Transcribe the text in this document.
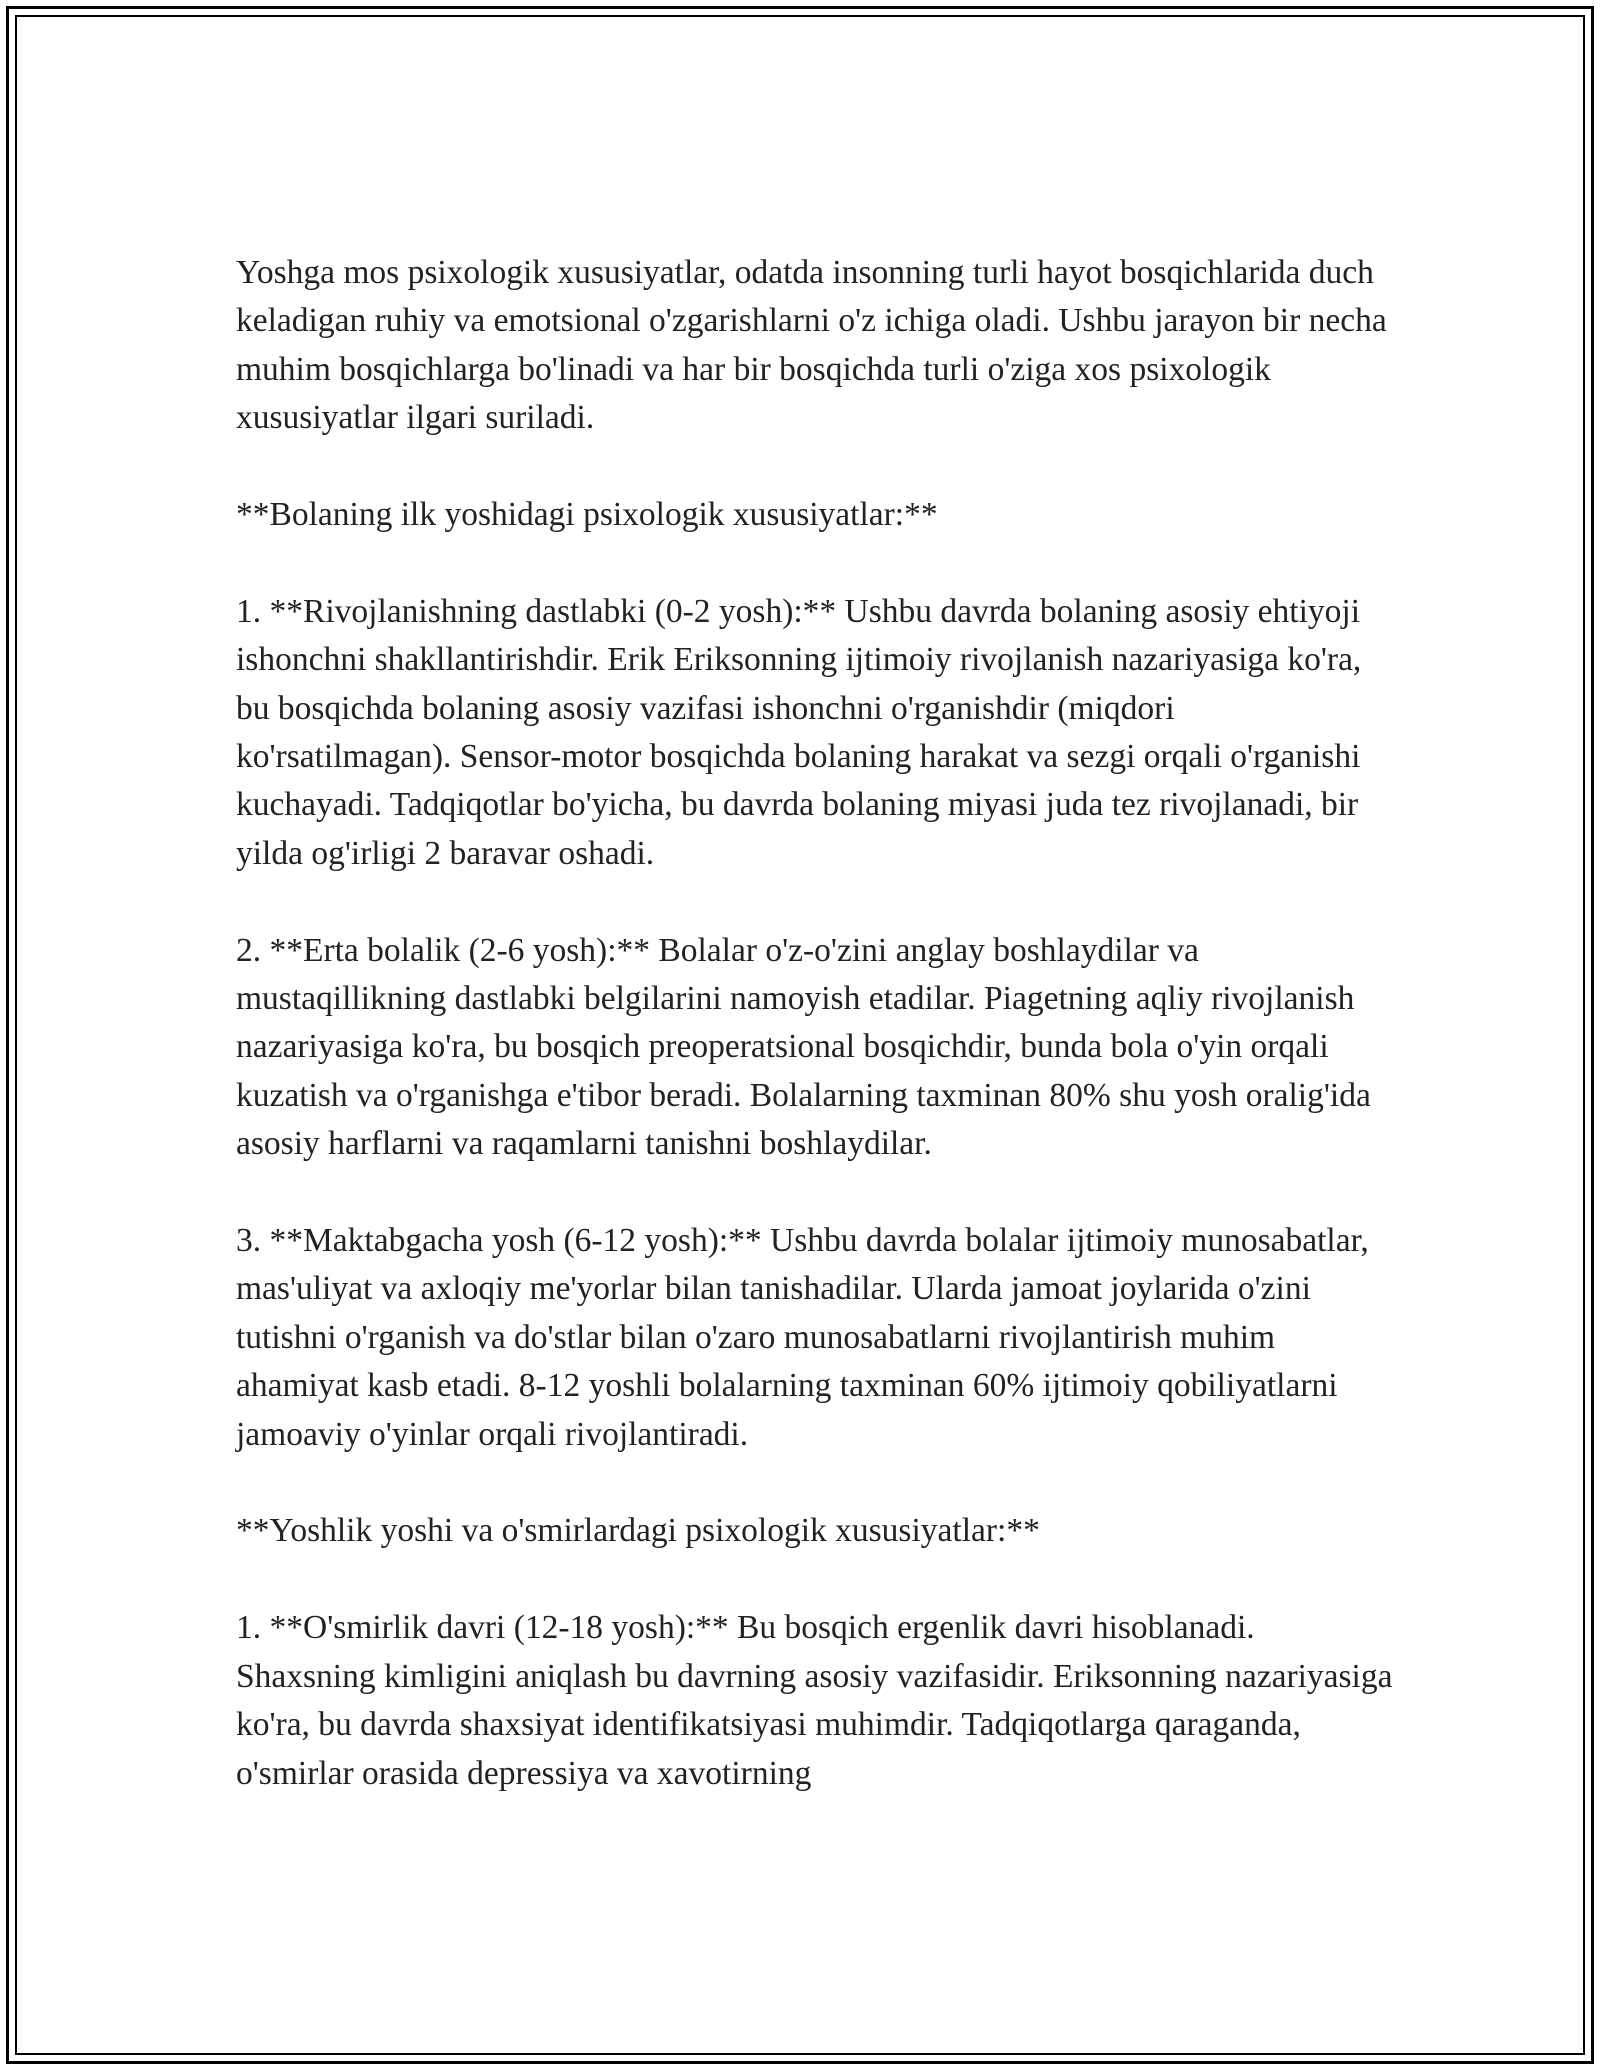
Yoshga mos psixologik xususiyatlar, odatda insonning turli hayot bosqichlarida duch keladigan ruhiy va emotsional o'zgarishlarni o'z ichiga oladi. Ushbu jarayon bir necha muhim bosqichlarga bo'linadi va har bir bosqichda turli o'ziga xos psixologik xususiyatlar ilgari suriladi.

**Bolaning ilk yoshidagi psixologik xususiyatlar:**

1. **Rivojlanishning dastlabki (0-2 yosh):** Ushbu davrda bolaning asosiy ehtiyoji ishonchni shakllantirishdir. Erik Eriksonning ijtimoiy rivojlanish nazariyasiga ko'ra, bu bosqichda bolaning asosiy vazifasi ishonchni o'rganishdir (miqdori ko'rsatilmagan). Sensor-motor bosqichda bolaning harakat va sezgi orqali o'rganishi kuchayadi. Tadqiqotlar bo'yicha, bu davrda bolaning miyasi juda tez rivojlanadi, bir yilda og'irligi 2 baravar oshadi.

2. **Erta bolalik (2-6 yosh):** Bolalar o'z-o'zini anglay boshlaydilar va mustaqillikning dastlabki belgilarini namoyish etadilar. Piagetning aqliy rivojlanish nazariyasiga ko'ra, bu bosqich preoperatsional bosqichdir, bunda bola o'yin orqali kuzatish va o'rganishga e'tibor beradi. Bolalarning taxminan 80% shu yosh oralig'ida asosiy harflarni va raqamlarni tanishni boshlaydilar.

3. **Maktabgacha yosh (6-12 yosh):** Ushbu davrda bolalar ijtimoiy munosabatlar, mas'uliyat va axloqiy me'yorlar bilan tanishadilar. Ularda jamoat joylarida o'zini tutishni o'rganish va do'stlar bilan o'zaro munosabatlarni rivojlantirish muhim ahamiyat kasb etadi. 8-12 yoshli bolalarning taxminan 60% ijtimoiy qobiliyatlarni jamoaviy o'yinlar orqali rivojlantiradi.

**Yoshlik yoshi va o'smirlardagi psixologik xususiyatlar:**

1. **O'smirlik davri (12-18 yosh):** Bu bosqich ergenlik davri hisoblanadi. Shaxsning kimligini aniqlash bu davrning asosiy vazifasidir. Eriksonning nazariyasiga ko'ra, bu davrda shaxsiyat identifikatsiyasi muhimdir. Tadqiqotlarga qaraganda, o'smirlar orasida depressiya va xavotirning
